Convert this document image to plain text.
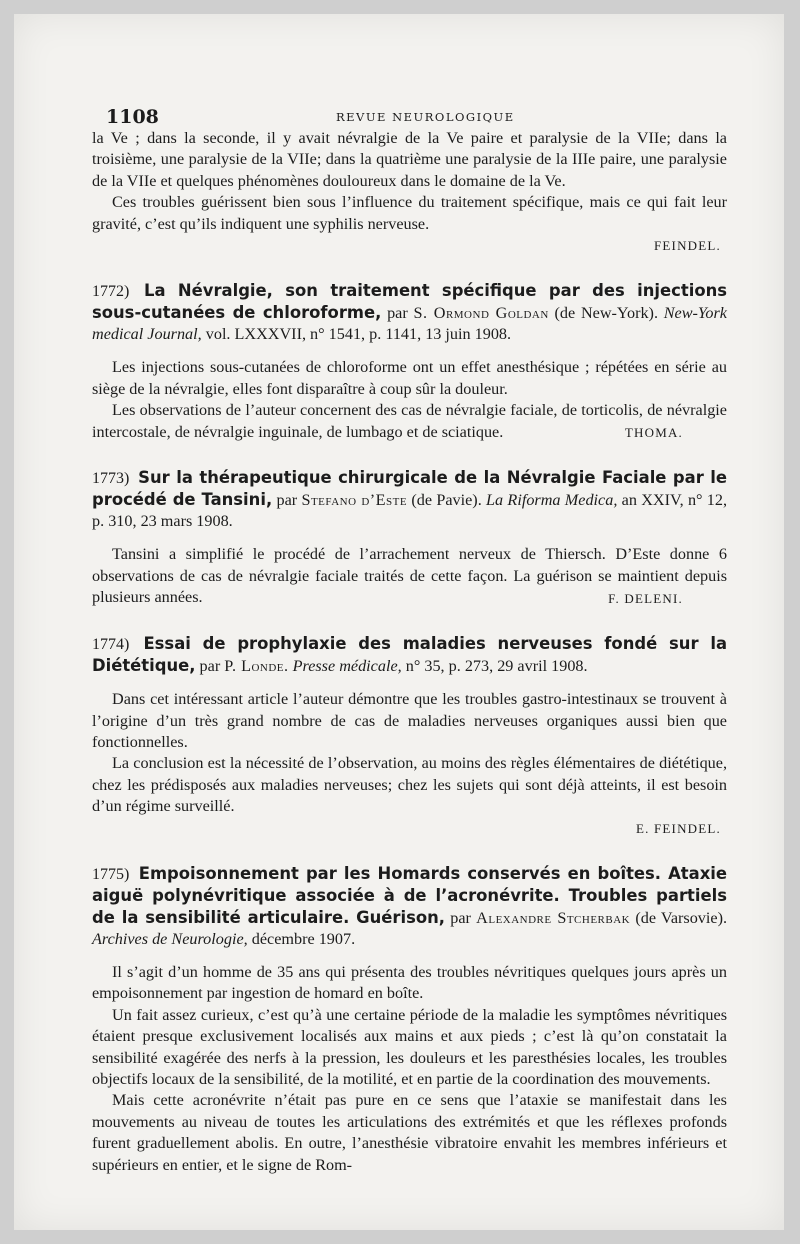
1108	REVUE NEUROLOGIQUE

la Ve ; dans la seconde, il y avait névralgie de la Ve paire et paralysie de la VIIe; dans la troisième, une paralysie de la VIIe; dans la quatrième une paralysie de la IIIe paire, une paralysie de la VIIe et quelques phénomènes douloureux dans le domaine de la Ve.

Ces troubles guérissent bien sous l’influence du traitement spécifique, mais ce qui fait leur gravité, c’est qu’ils indiquent une syphilis nerveuse.

FEINDEL.

1772) La Névralgie, son traitement spécifique par des injections sous-cutanées de chloroforme, par S. Ormond Goldan (de New-York). New-York medical Journal, vol. LXXXVII, n° 1541, p. 1141, 13 juin 1908.

Les injections sous-cutanées de chloroforme ont un effet anesthésique ; répétées en série au siège de la névralgie, elles font disparaître à coup sûr la douleur.

Les observations de l’auteur concernent des cas de névralgie faciale, de torticolis, de névralgie intercostale, de névralgie inguinale, de lumbago et de sciatique.	THOMA.

1773) Sur la thérapeutique chirurgicale de la Névralgie Faciale par le procédé de Tansini, par Stefano d’Este (de Pavie). La Riforma Medica, an XXIV, n° 12, p. 310, 23 mars 1908.

Tansini a simplifié le procédé de l’arrachement nerveux de Thiersch. D’Este donne 6 observations de cas de névralgie faciale traités de cette façon. La guérison se maintient depuis plusieurs années.	F. DELENI.

1774) Essai de prophylaxie des maladies nerveuses fondé sur la Diététique, par P. Londe. Presse médicale, n° 35, p. 273, 29 avril 1908.

Dans cet intéressant article l’auteur démontre que les troubles gastro-intestinaux se trouvent à l’origine d’un très grand nombre de cas de maladies nerveuses organiques aussi bien que fonctionnelles.

La conclusion est la nécessité de l’observation, au moins des règles élémentaires de diététique, chez les prédisposés aux maladies nerveuses; chez les sujets qui sont déjà atteints, il est besoin d’un régime surveillé.

E. FEINDEL.

1775) Empoisonnement par les Homards conservés en boîtes. Ataxie aiguë polynévritique associée à de l’acronévrite. Troubles partiels de la sensibilité articulaire. Guérison, par Alexandre Stcherbak (de Varsovie). Archives de Neurologie, décembre 1907.

Il s’agit d’un homme de 35 ans qui présenta des troubles névritiques quelques jours après un empoisonnement par ingestion de homard en boîte.

Un fait assez curieux, c’est qu’à une certaine période de la maladie les symptômes névritiques étaient presque exclusivement localisés aux mains et aux pieds ; c’est là qu’on constatait la sensibilité exagérée des nerfs à la pression, les douleurs et les paresthésies locales, les troubles objectifs locaux de la sensibilité, de la motilité, et en partie de la coordination des mouvements.

Mais cette acronévrite n’était pas pure en ce sens que l’ataxie se manifestait dans les mouvements au niveau de toutes les articulations des extrémités et que les réflexes profonds furent graduellement abolis. En outre, l’anesthésie vibratoire envahit les membres inférieurs et supérieurs en entier, et le signe de Rom-
